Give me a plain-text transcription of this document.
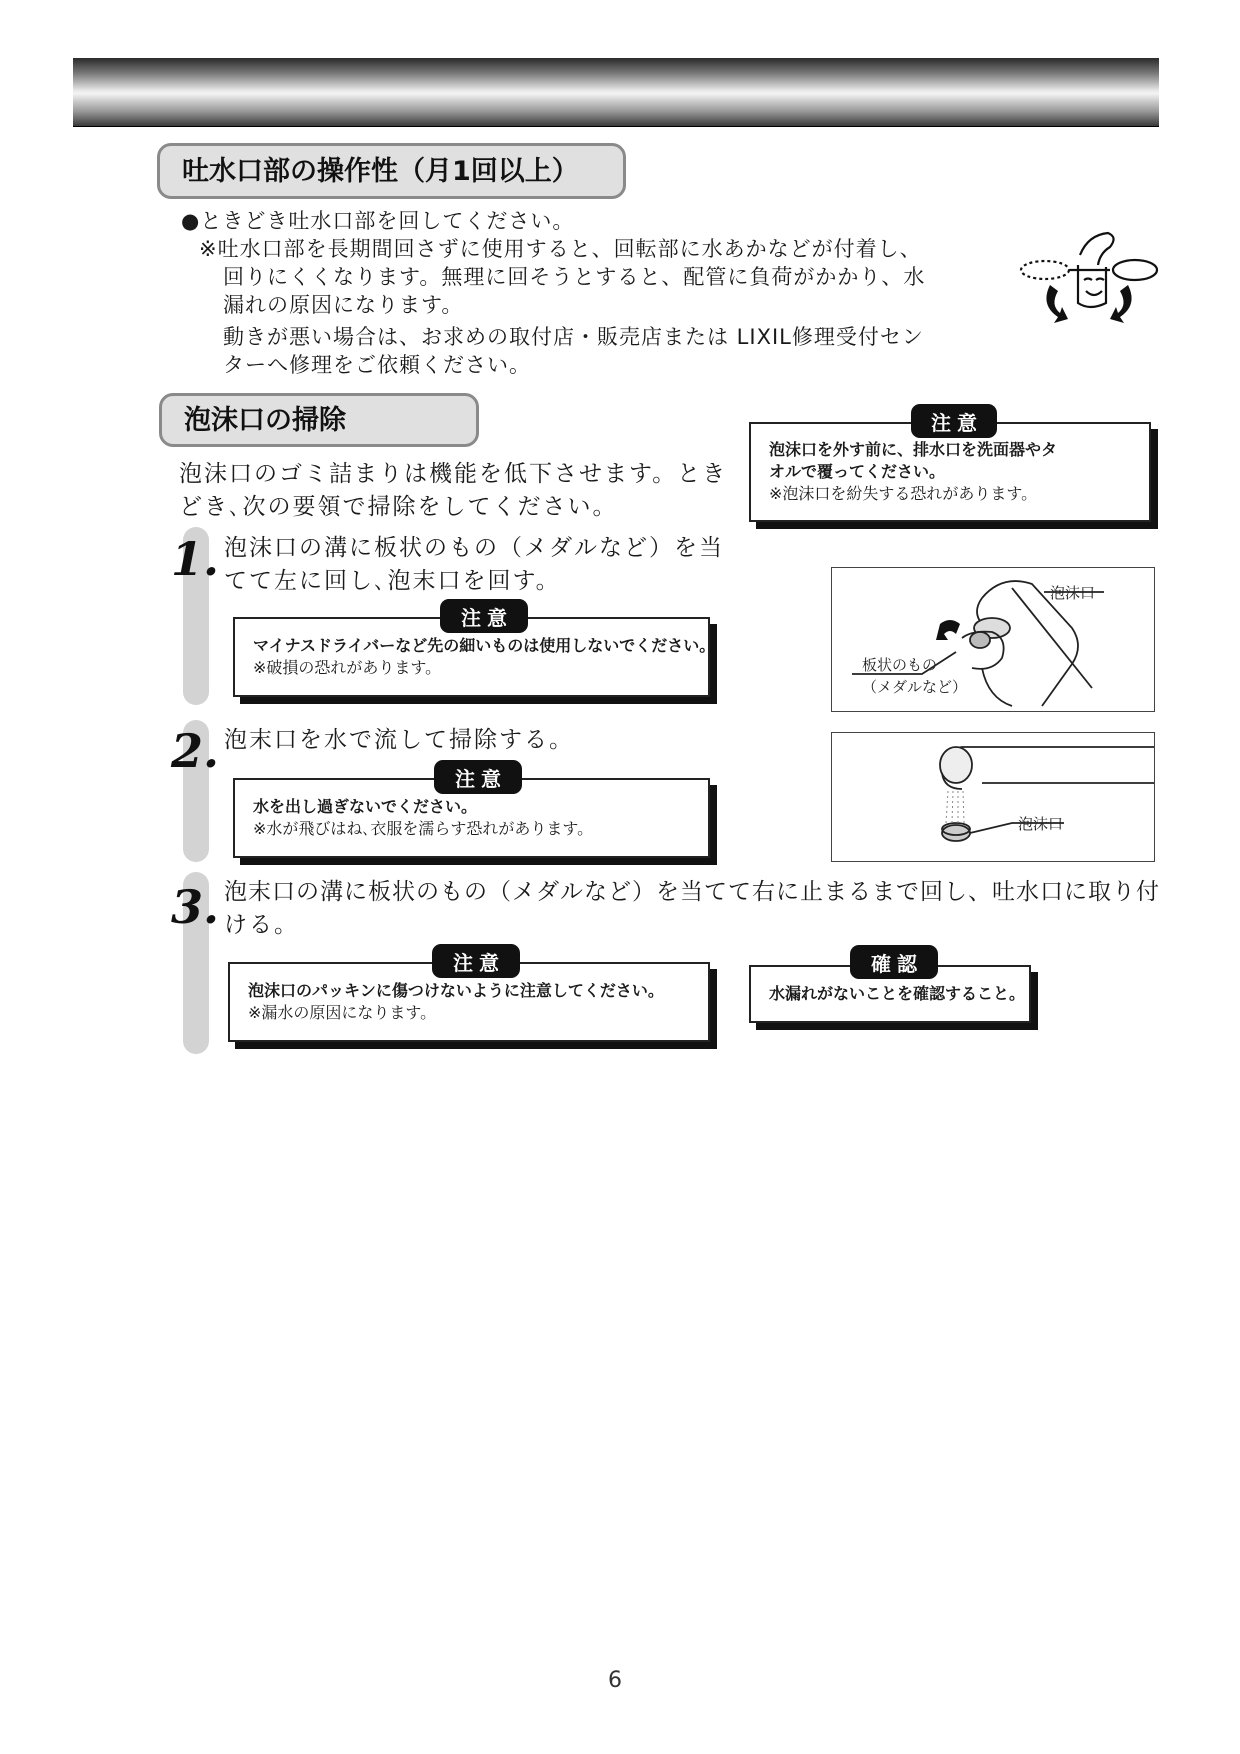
吐水口部の操作性（月1回以上）
●ときどき吐水口部を回してください。
※吐水口部を長期間回さずに使用すると、回転部に水あかなどが付着し、
回りにくくなります。無理に回そうとすると、配管に負荷がかかり、水
漏れの原因になります。
動きが悪い場合は、お求めの取付店・販売店または LIXIL修理受付セン
ターへ修理をご依頼ください。
泡沫口の掃除
泡沫口のゴミ詰まりは機能を低下させます。とき
どき､次の要領で掃除をしてください。
泡沫口を外す前に、排水口を洗面器やタ
オルで覆ってください。
※泡沫口を紛失する恐れがあります。
注意
1. 泡沫口の溝に板状のもの（メダルなど）を当
てて左に回し､泡末口を回す。
マイナスドライバーなど先の細いものは使用しないでください。
※破損の恐れがあります。
注意
泡沫口
板状のもの
（メダルなど）
2. 泡末口を水で流して掃除する。
水を出し過ぎないでください。
※水が飛びはね､衣服を濡らす恐れがあります。
注意
泡沫口
3. 泡末口の溝に板状のもの（メダルなど）を当てて右に止まるまで回し、吐水口に取り付
ける。
泡沫口のパッキンに傷つけないように注意してください。
※漏水の原因になります。
注意
水漏れがないことを確認すること。
確認
6
